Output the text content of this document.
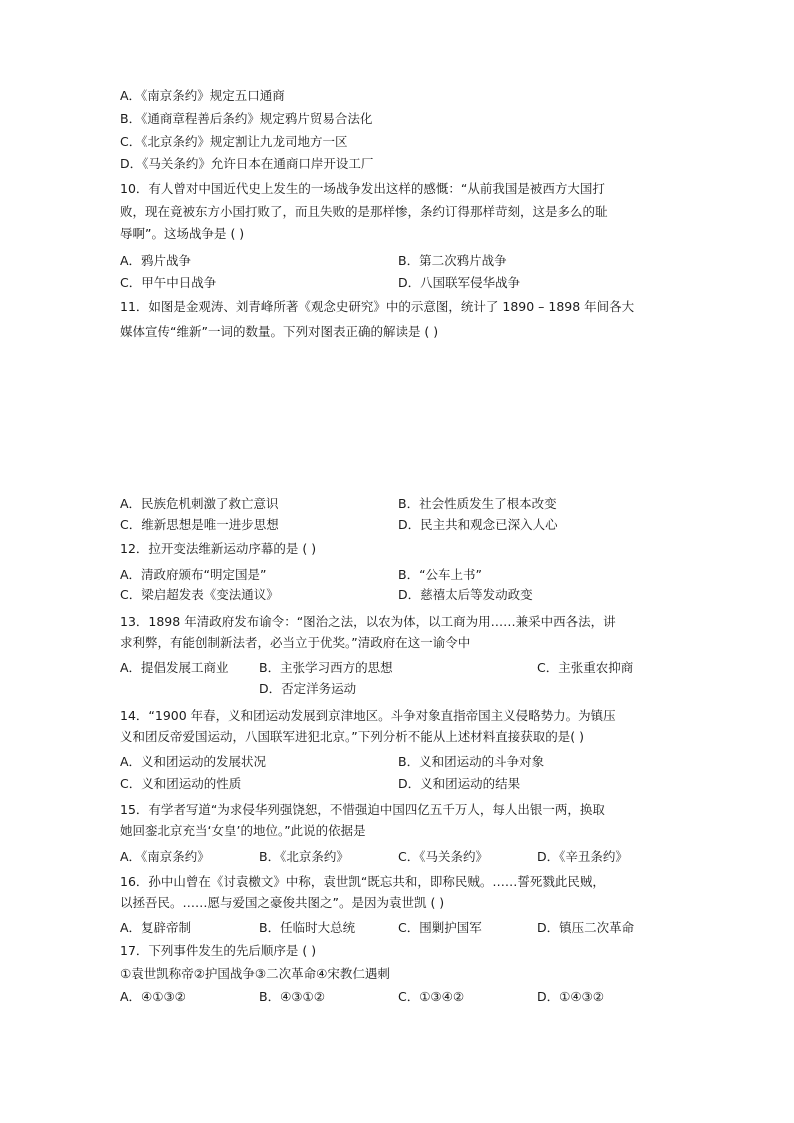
A．《南京条约》规定五口通商
B．《通商章程善后条约》规定鸦片贸易合法化
C．《北京条约》规定割让九龙司地方一区
D．《马关条约》允许日本在通商口岸开设工厂
10．有人曾对中国近代史上发生的一场战争发出这样的感慨：“从前我国是被西方大国打
败，现在竟被东方小国打败了，而且失败的是那样惨，条约订得那样苛刻，这是多么的耻
辱啊”。这场战争是 ( )
A．鸦片战争	B．第二次鸦片战争
C．甲午中日战争	D．八国联军侵华战争
11．如图是金观涛、刘青峰所著《观念史研究》中的示意图，统计了 1890 – 1898 年间各大
媒体宣传“维新”一词的数量。下列对图表正确的解读是 ( )
A．民族危机刺激了救亡意识	B．社会性质发生了根本改变
C．维新思想是唯一进步思想	D．民主共和观念已深入人心
12．拉开变法维新运动序幕的是 ( )
A．清政府颁布“明定国是”	B．“公车上书”
C．梁启超发表《变法通议》	D．慈禧太后等发动政变
13．1898 年清政府发布谕令：“图治之法，以农为体，以工商为用……兼采中西各法，讲
求利弊，有能创制新法者，必当立于优奖。”清政府在这一谕令中
A．提倡发展工商业 B．主张学习西方的思想	C．主张重农抑商
D．否定洋务运动
14．“1900 年春，义和团运动发展到京津地区。斗争对象直指帝国主义侵略势力。为镇压
义和团反帝爱国运动，八国联军进犯北京。”下列分析不能从上述材料直接获取的是( )
A．义和团运动的发展状况	B．义和团运动的斗争对象
C．义和团运动的性质	D．义和团运动的结果
15．有学者写道“为求侵华列强饶恕，不惜强迫中国四亿五千万人，每人出银一两，换取
她回銮北京充当‘女皇’的地位。”此说的依据是
A．《南京条约》	B．《北京条约》	C．《马关条约》	D．《辛丑条约》
16．孙中山曾在《讨袁檄文》中称，袁世凯“既忘共和，即称民贼。……誓死戮此民贼，
以拯吾民。……愿与爱国之豪俊共图之”。是因为袁世凯 ( )
A．复辟帝制	B．任临时大总统	C．围剿护国军	D．镇压二次革命
17．下列事件发生的先后顺序是 ( )
①袁世凯称帝②护国战争③二次革命④宋教仁遇刺
A．④①③②	B．④③①②	C．①③④②	D．①④③②
